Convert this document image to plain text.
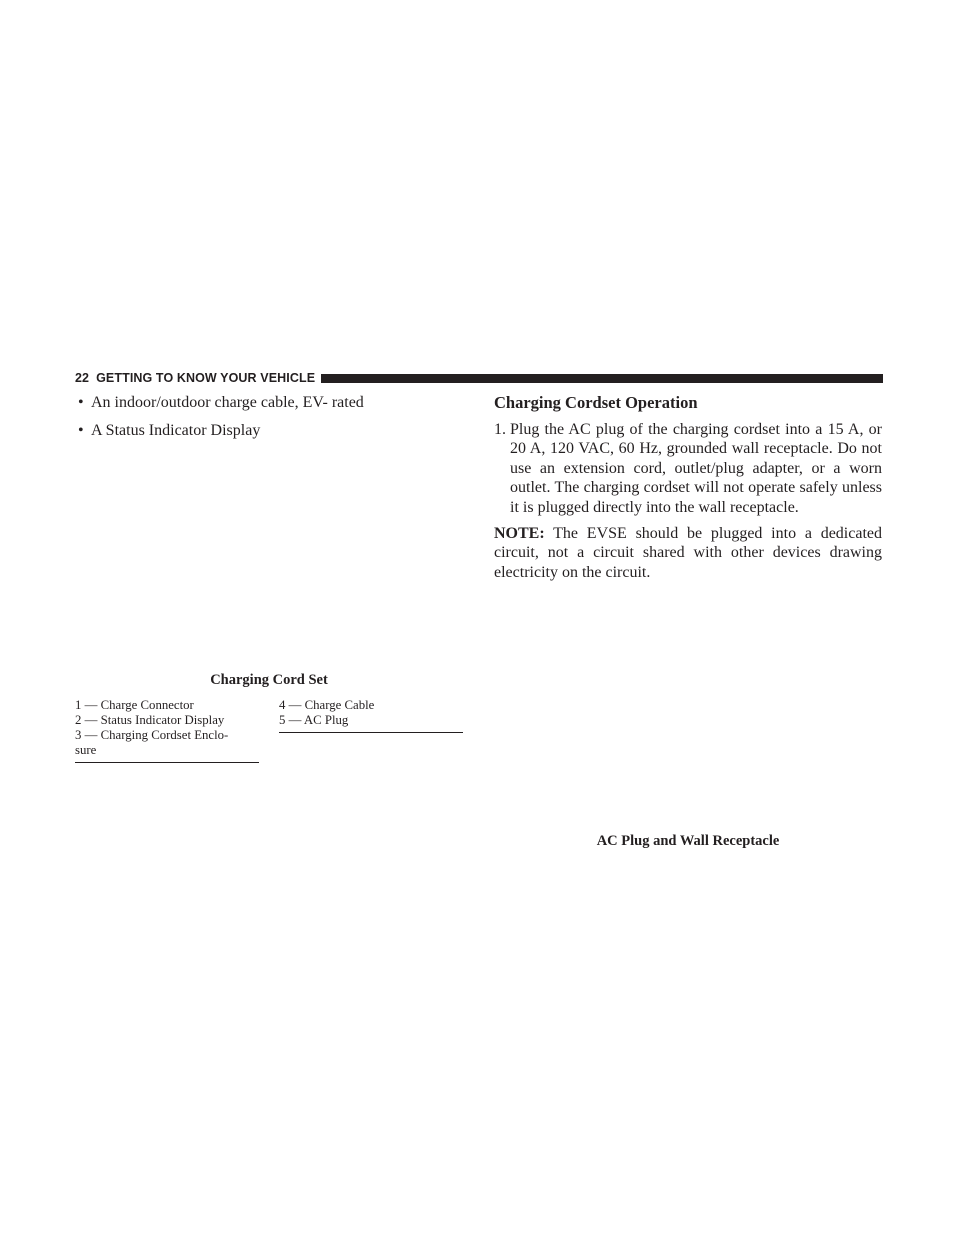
22 GETTING TO KNOW YOUR VEHICLE
• An indoor/outdoor charge cable, EV- rated
• A Status Indicator Display
Charging Cord Set
1 — Charge Connector
2 — Status Indicator Display
3 — Charging Cordset Enclo-
sure
4 — Charge Cable
5 — AC Plug
Charging Cordset Operation
1. Plug the AC plug of the charging cordset into a 15 A, or 20 A, 120 VAC, 60 Hz, grounded wall receptacle. Do not use an extension cord, outlet/plug adapter, or a worn outlet. The charging cordset will not operate safely unless it is plugged directly into the wall receptacle.
NOTE: The EVSE should be plugged into a dedicated circuit, not a circuit shared with other devices drawing electricity on the circuit.
AC Plug and Wall Receptacle
